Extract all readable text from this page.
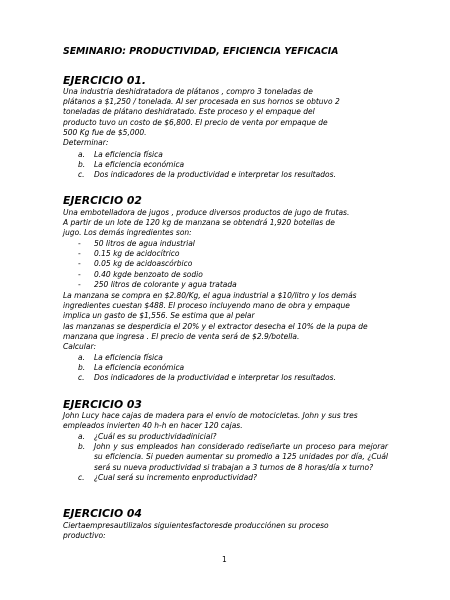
SEMINARIO: PRODUCTIVIDAD, EFICIENCIA YEFICACIA
EJERCICIO 01.
Una industria deshidratadora de plátanos , compro 3 toneladas de
plátanos a $1,250 / tonelada. Al ser procesada en sus hornos se obtuvo 2
toneladas de plátano deshidratado. Este proceso y el empaque del
producto tuvo un costo de $6,800. El precio de venta por empaque de
500 Kg fue de $5,000.
Determinar:
a. La eficiencia física
b. La eficiencia económica
c. Dos indicadores de la productividad e interpretar los resultados.
EJERCICIO 02
Una embotelladora de jugos , produce diversos productos de jugo de frutas.
A partir de un lote de 120 kg de manzana se obtendrá 1,920 botellas de
jugo. Los demás ingredientes son:
- 50 litros de agua industrial
- 0.15 kg de acidocítrico
- 0.05 kg de acidoascórbico
- 0.40 kgde benzoato de sodio
- 250 litros de colorante y agua tratada
La manzana se compra en $2.80/Kg, el agua industrial a $10/litro y los demás
ingredientes cuestan $488. El proceso incluyendo mano de obra y empaque
implica un gasto de $1,556. Se estima que al pelar
las manzanas se desperdicia el 20% y el extractor desecha el 10% de la pupa de
manzana que ingresa . El precio de venta será de $2.9/botella.
Calcular:
a. La eficiencia física
b. La eficiencia económica
c. Dos indicadores de la productividad e interpretar los resultados.
EJERCICIO 03
John Lucy hace cajas de madera para el envío de motocicletas. John y sus tres
empleados invierten 40 h-h en hacer 120 cajas.
a. ¿Cuál es su productividadinicial?
b. John y sus empleados han considerado rediseñarte un proceso para mejorar su eficiencia. Si pueden aumentar su promedio a 125 unidades por día, ¿Cuál será su nueva productividad si trabajan a 3 turnos de 8 horas/día x turno?
c. ¿Cual será su incremento enproductividad?
EJERCICIO 04
Ciertaempresautilizalos siguientesfactoresde producciónen su proceso
productivo:
1
